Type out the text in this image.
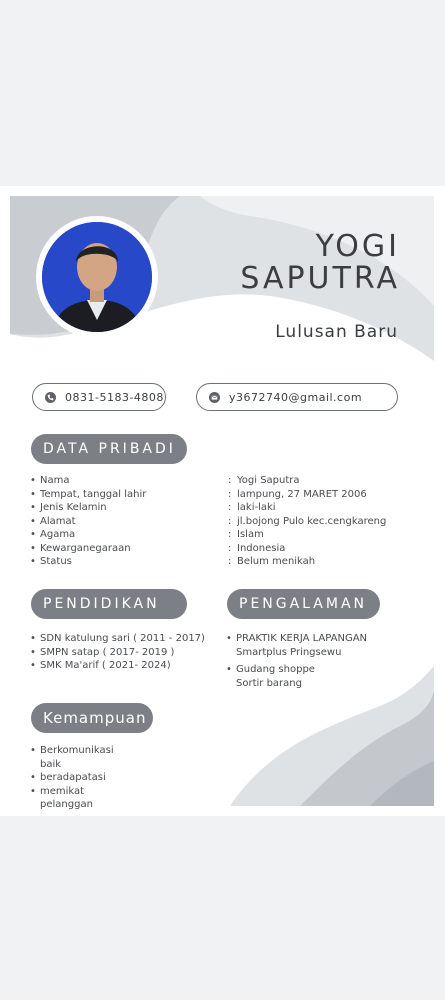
YOGI
SAPUTRA
Lulusan Baru
0831-5183-4808	y3672740@gmail.com
DATA PRIBADI
• Nama
• Tempat, tanggal lahir
• Jenis Kelamin
• Alamat
• Agama
• Kewarganegaraan
• Status
: Yogi Saputra
: lampung, 27 MARET 2006
: laki-laki
: jl.bojong Pulo kec.cengkareng
: Islam
: Indonesia
: Belum menikah
PENDIDIKAN
• SDN katulung sari ( 2011 - 2017)
• SMPN satap ( 2017- 2019 )
• SMK Ma'arif ( 2021- 2024)
PENGALAMAN
• PRAKTIK KERJA LAPANGAN
Smartplus Pringsewu
• Gudang shoppe
Sortir barang
Kemampuan
• Berkomunikasi
baik
• beradapatasi
• memikat
pelanggan
